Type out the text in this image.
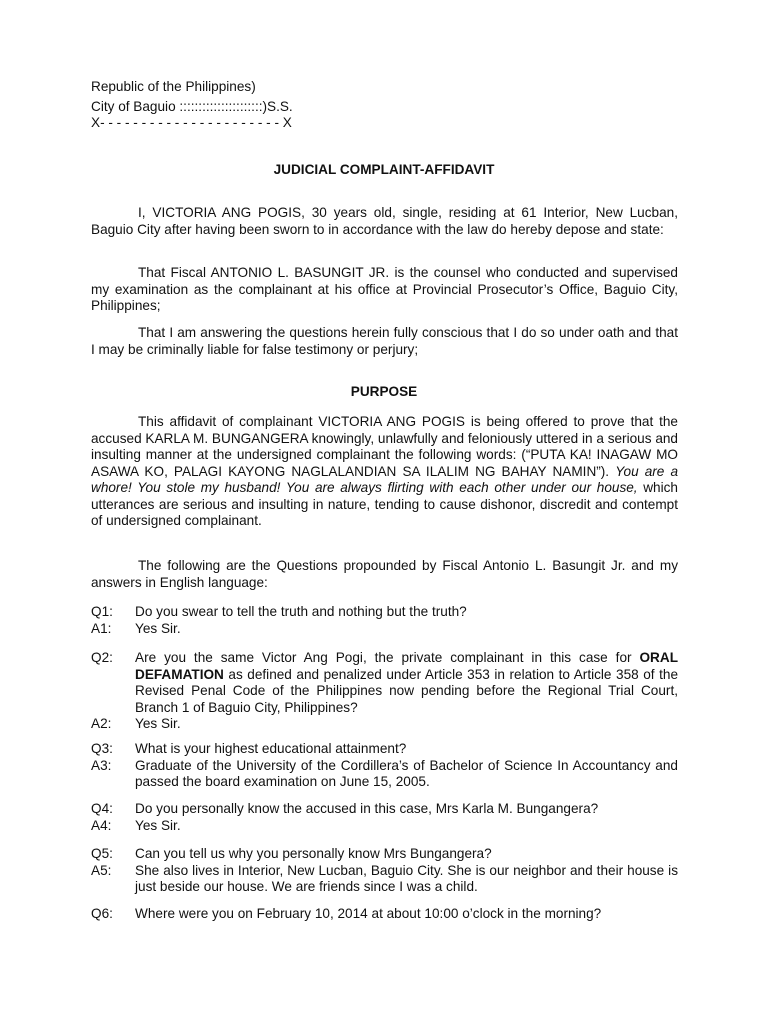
Republic of the Philippines)
City of Baguio ::::::::::::::::::::::)S.S.
X- - - - - - - - - - - - - - - - - - - - - - X
JUDICIAL COMPLAINT-AFFIDAVIT

I, VICTORIA ANG POGIS, 30 years old, single, residing at 61 Interior, New Lucban, Baguio City after having been sworn to in accordance with the law do hereby depose and state:

That Fiscal ANTONIO L. BASUNGIT JR. is the counsel who conducted and supervised my examination as the complainant at his office at Provincial Prosecutor’s Office, Baguio City, Philippines;

That I am answering the questions herein fully conscious that I do so under oath and that I may be criminally liable for false testimony or perjury;

PURPOSE

This affidavit of complainant VICTORIA ANG POGIS is being offered to prove that the accused KARLA M. BUNGANGERA knowingly, unlawfully and feloniously uttered in a serious and insulting manner at the undersigned complainant the following words: (“PUTA KA! INAGAW MO ASAWA KO, PALAGI KAYONG NAGLALANDIAN SA ILALIM NG BAHAY NAMIN”). You are a whore! You stole my husband! You are always flirting with each other under our house, which utterances are serious and insulting in nature, tending to cause dishonor, discredit and contempt of undersigned complainant.

The following are the Questions propounded by Fiscal Antonio L. Basungit Jr. and my answers in English language:

Q1: Do you swear to tell the truth and nothing but the truth?
A1: Yes Sir.
Q2: Are you the same Victor Ang Pogi, the private complainant in this case for ORAL DEFAMATION as defined and penalized under Article 353 in relation to Article 358 of the Revised Penal Code of the Philippines now pending before the Regional Trial Court, Branch 1 of Baguio City, Philippines?
A2: Yes Sir.
Q3: What is your highest educational attainment?
A3: Graduate of the University of the Cordillera’s of Bachelor of Science In Accountancy and passed the board examination on June 15, 2005.
Q4: Do you personally know the accused in this case, Mrs Karla M. Bungangera?
A4: Yes Sir.
Q5: Can you tell us why you personally know Mrs Bungangera?
A5: She also lives in Interior, New Lucban, Baguio City. She is our neighbor and their house is just beside our house. We are friends since I was a child.
Q6: Where were you on February 10, 2014 at about 10:00 o’clock in the morning?
